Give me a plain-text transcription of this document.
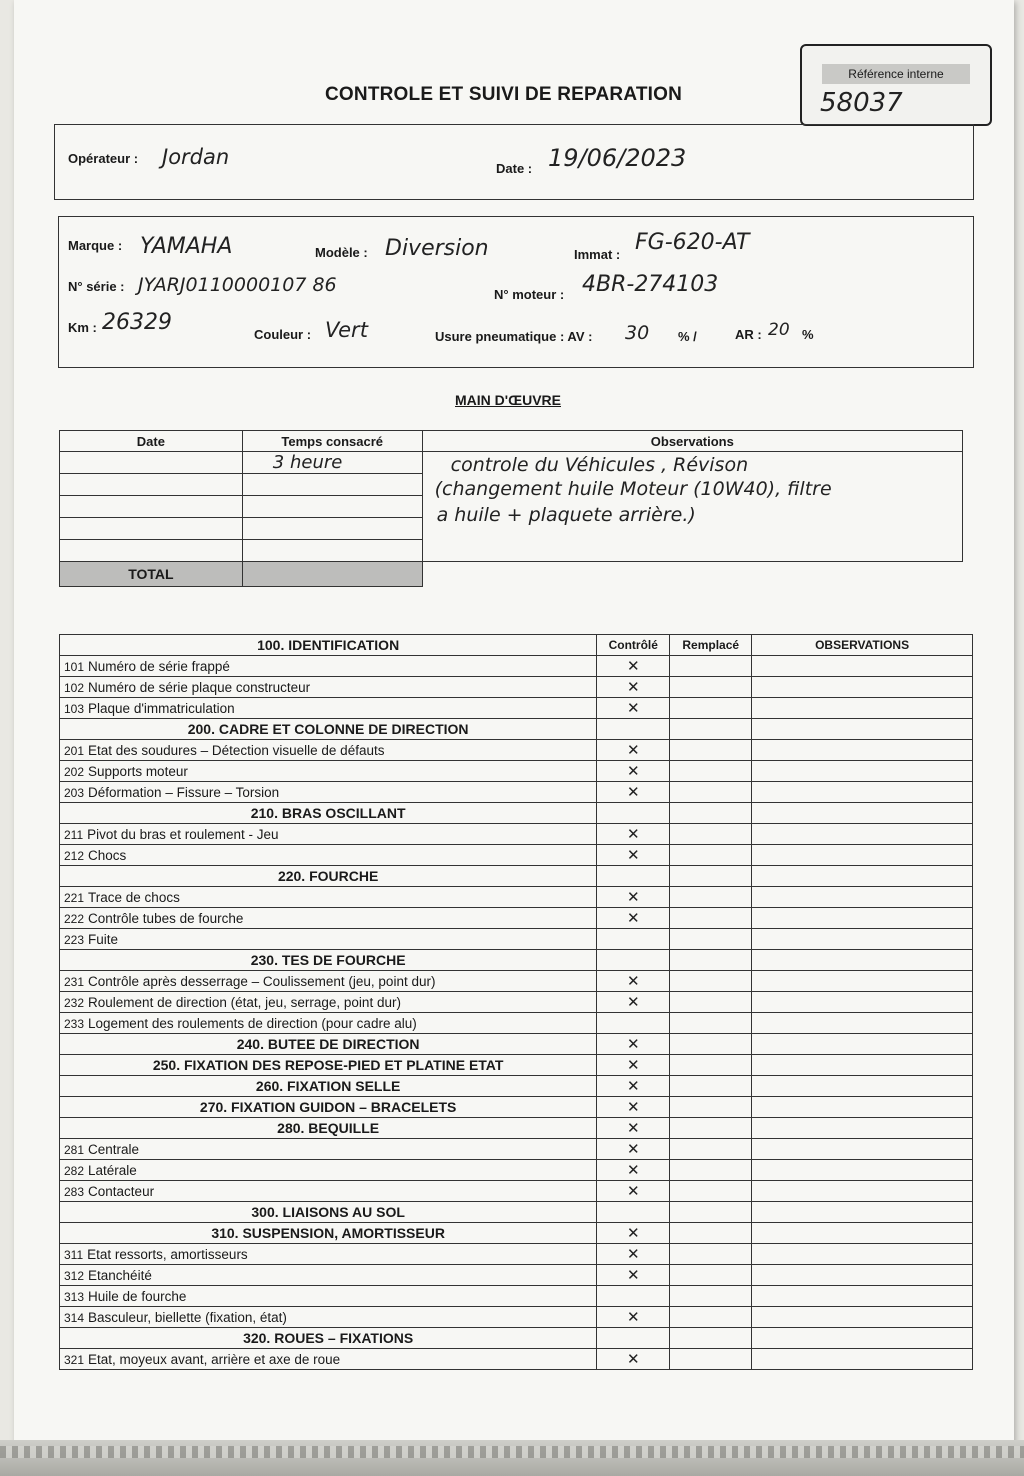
Référence interne
58037
CONTROLE ET SUIVI DE REPARATION
Opérateur : Jordan	Date : 19/06/2023
Marque : YAMAHA	Modèle : Diversion	Immat : FG-620-AT
N° série : JYARJ0110000107 86	N° moteur : 4BR-274103
Km : 26329	Couleur : Vert	Usure pneumatique : AV : 30 % /	AR : 20 %
MAIN D'ŒUVRE
Date	Temps consacré	Observations
	3 heure	controle du Véhicules , Révison
(changement huile Moteur (10W40), filtre
a huile + plaquete arrière.)

TOTAL		
100. IDENTIFICATION	Contrôlé	Remplacé	OBSERVATIONS
101 Numéro de série frappé	✕		
102 Numéro de série plaque constructeur	✕		
103 Plaque d'immatriculation	✕		
200. CADRE ET COLONNE DE DIRECTION			
201 Etat des soudures – Détection visuelle de défauts	✕		
202 Supports moteur	✕		
203 Déformation – Fissure – Torsion	✕		
210. BRAS OSCILLANT			
211 Pivot du bras et roulement - Jeu	✕		
212 Chocs	✕		
220. FOURCHE			
221 Trace de chocs	✕		
222 Contrôle tubes de fourche	✕		
223 Fuite			
230. TES DE FOURCHE			
231 Contrôle après desserrage – Coulissement (jeu, point dur)	✕		
232 Roulement de direction (état, jeu, serrage, point dur)	✕		
233 Logement des roulements de direction (pour cadre alu)			
240. BUTEE DE DIRECTION	✕		
250. FIXATION DES REPOSE-PIED ET PLATINE ETAT	✕		
260. FIXATION SELLE	✕		
270. FIXATION GUIDON – BRACELETS	✕		
280. BEQUILLE	✕		
281 Centrale	✕		
282 Latérale	✕		
283 Contacteur	✕		
300. LIAISONS AU SOL			
310. SUSPENSION, AMORTISSEUR	✕		
311 Etat ressorts, amortisseurs	✕		
312 Etanchéité	✕		
313 Huile de fourche			
314 Basculeur, biellette (fixation, état)	✕		
320. ROUES – FIXATIONS			
321 Etat, moyeux avant, arrière et axe de roue	✕		
